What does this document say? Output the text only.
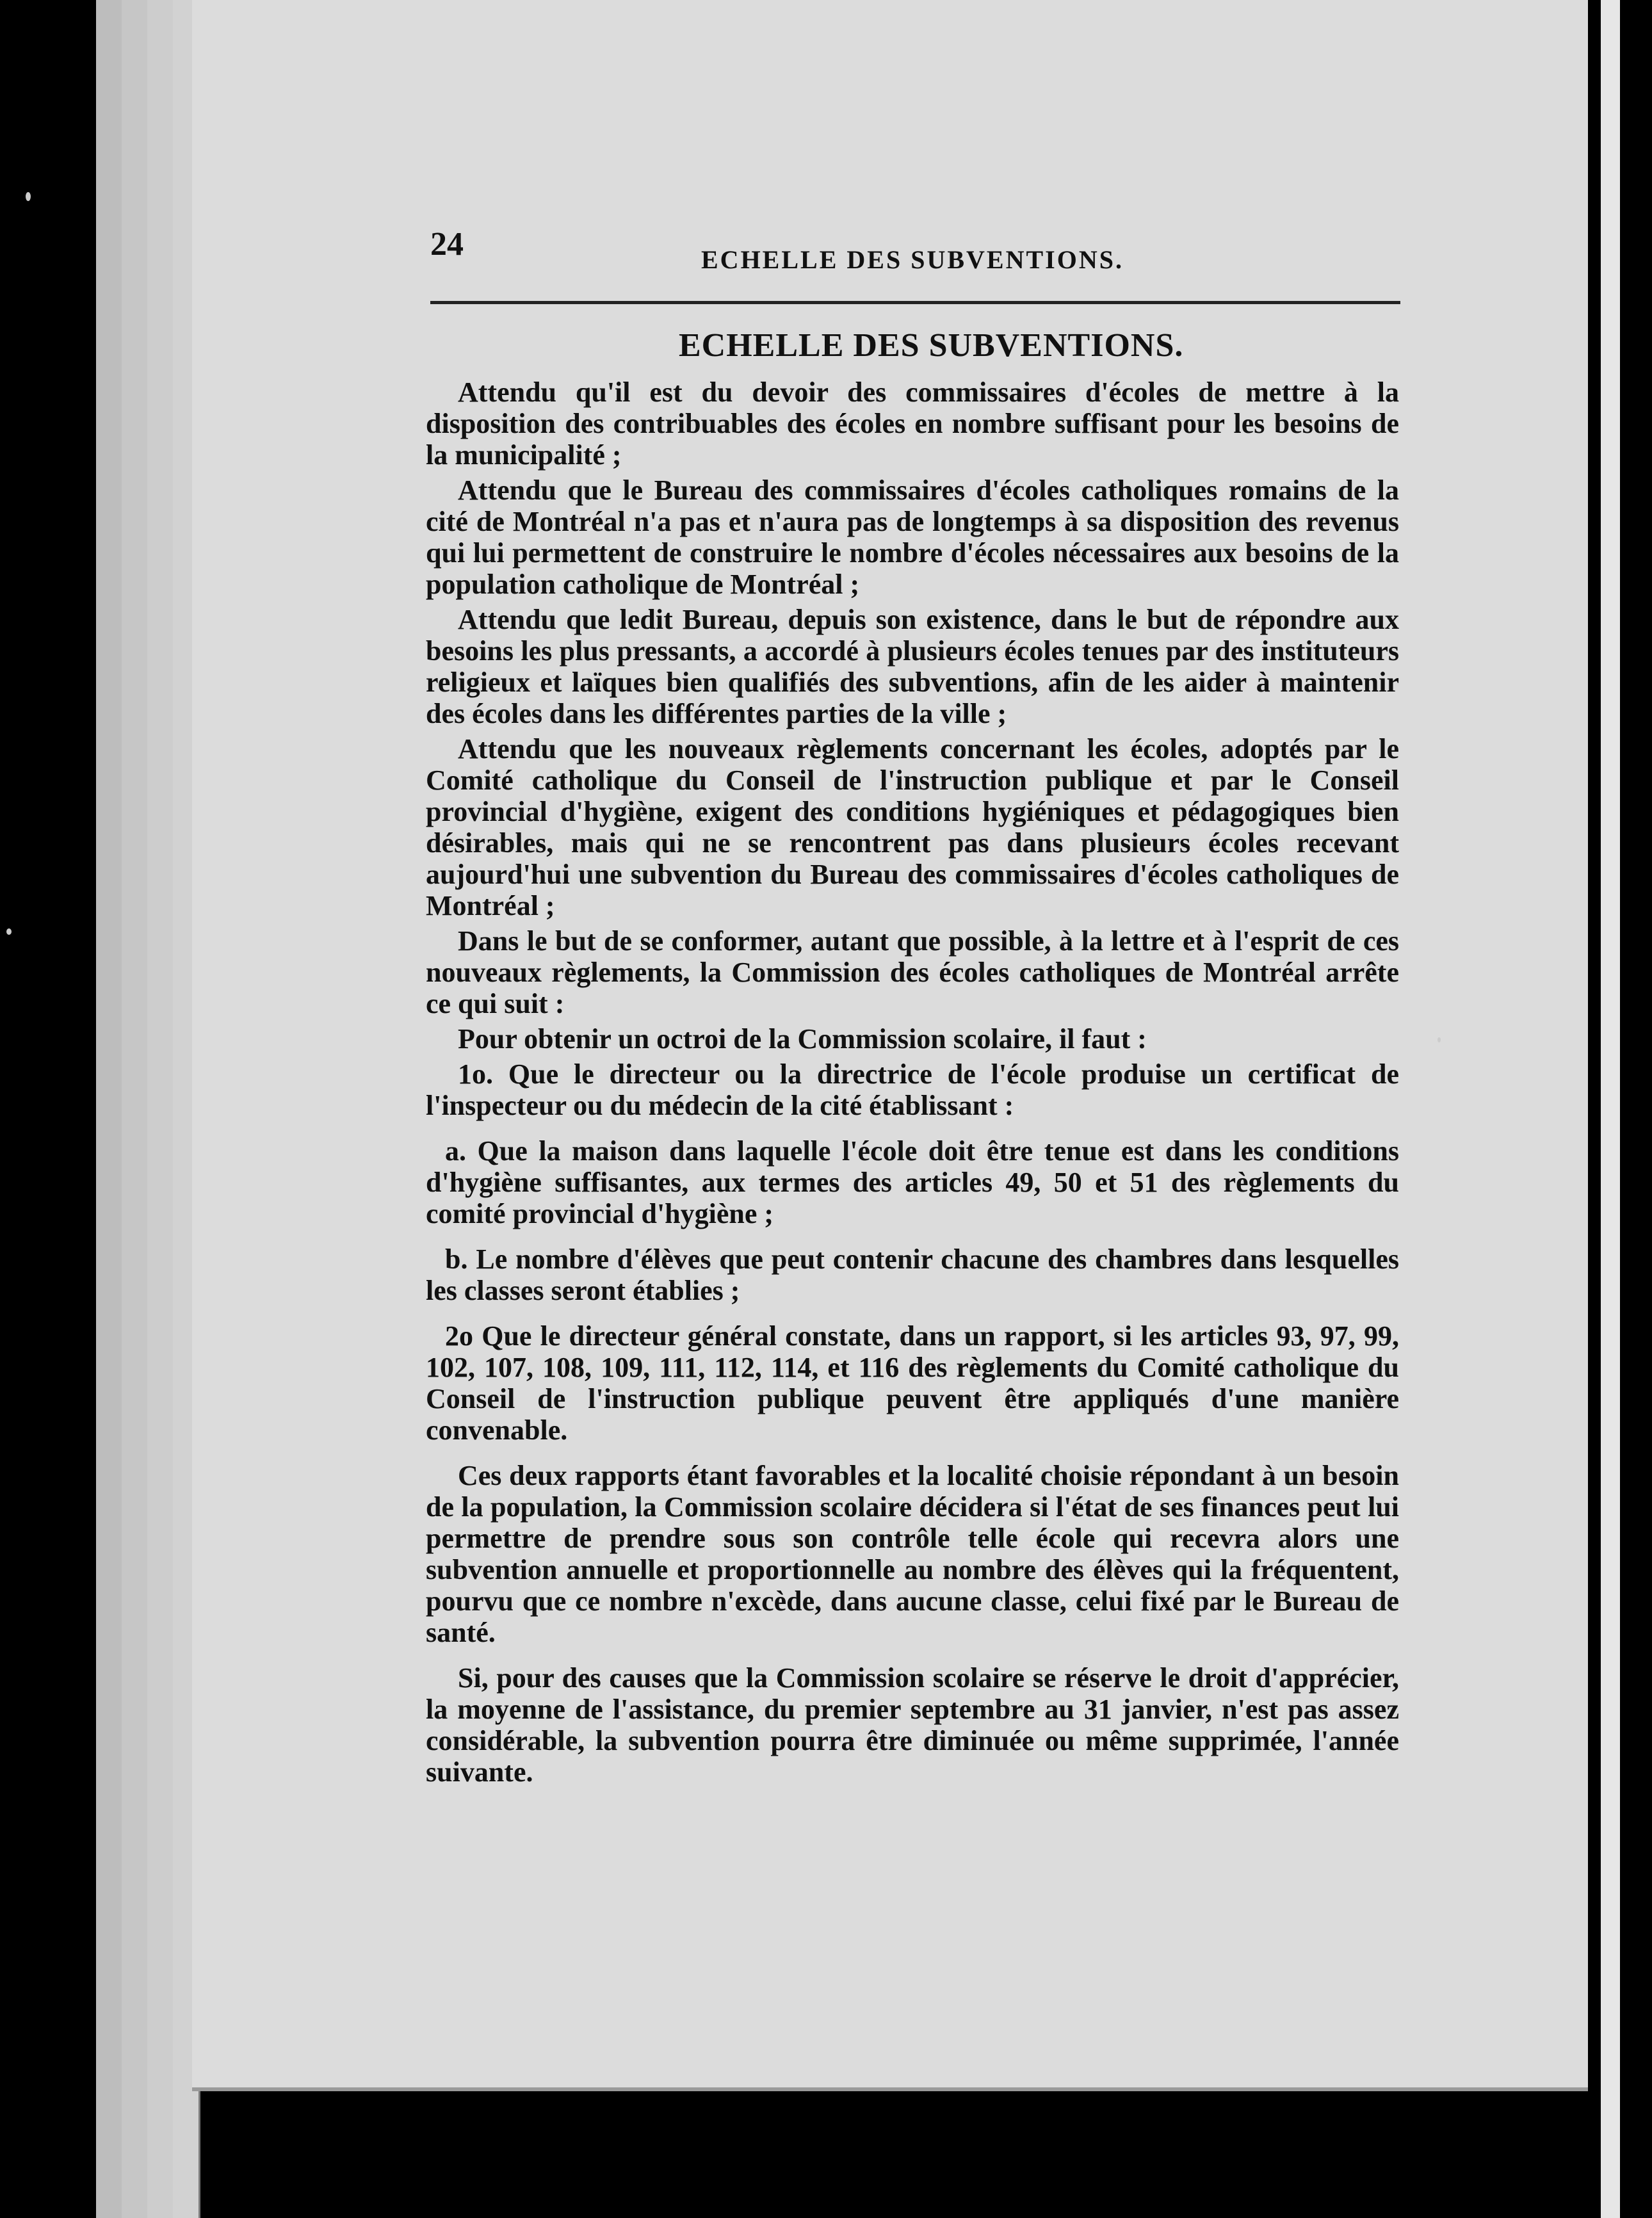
24	ECHELLE DES SUBVENTIONS.
ECHELLE DES SUBVENTIONS.

Attendu qu'il est du devoir des commissaires d'écoles de mettre à la disposition des contribuables des écoles en nombre suffisant pour les besoins de la municipalité ;

Attendu que le Bureau des commissaires d'écoles catholiques romains de la cité de Montréal n'a pas et n'aura pas de longtemps à sa disposition des revenus qui lui permettent de construire le nombre d'écoles nécessaires aux besoins de la population catholique de Montréal ;

Attendu que ledit Bureau, depuis son existence, dans le but de répondre aux besoins les plus pressants, a accordé à plusieurs écoles tenues par des instituteurs religieux et laïques bien qualifiés des subventions, afin de les aider à maintenir des écoles dans les différentes parties de la ville ;

Attendu que les nouveaux règlements concernant les écoles, adoptés par le Comité catholique du Conseil de l'instruction publique et par le Conseil provincial d'hygiène, exigent des conditions hygiéniques et pédagogiques bien désirables, mais qui ne se rencontrent pas dans plusieurs écoles recevant aujourd'hui une subvention du Bureau des commissaires d'écoles catholiques de Montréal ;

Dans le but de se conformer, autant que possible, à la lettre et à l'esprit de ces nouveaux règlements, la Commission des écoles catholiques de Montréal arrête ce qui suit :

Pour obtenir un octroi de la Commission scolaire, il faut :

1o. Que le directeur ou la directrice de l'école produise un certificat de l'inspecteur ou du médecin de la cité établissant :

a. Que la maison dans laquelle l'école doit être tenue est dans les conditions d'hygiène suffisantes, aux termes des articles 49, 50 et 51 des règlements du comité provincial d'hygiène ;

b. Le nombre d'élèves que peut contenir chacune des chambres dans lesquelles les classes seront établies ;

2o Que le directeur général constate, dans un rapport, si les articles 93, 97, 99, 102, 107, 108, 109, 111, 112, 114, et 116 des règlements du Comité catholique du Conseil de l'instruction publique peuvent être appliqués d'une manière convenable.

Ces deux rapports étant favorables et la localité choisie répondant à un besoin de la population, la Commission scolaire décidera si l'état de ses finances peut lui permettre de prendre sous son contrôle telle école qui recevra alors une subvention annuelle et proportionnelle au nombre des élèves qui la fréquentent, pourvu que ce nombre n'excède, dans aucune classe, celui fixé par le Bureau de santé.

Si, pour des causes que la Commission scolaire se réserve le droit d'apprécier, la moyenne de l'assistance, du premier septembre au 31 janvier, n'est pas assez considérable, la subvention pourra être diminuée ou même supprimée, l'année suivante.
